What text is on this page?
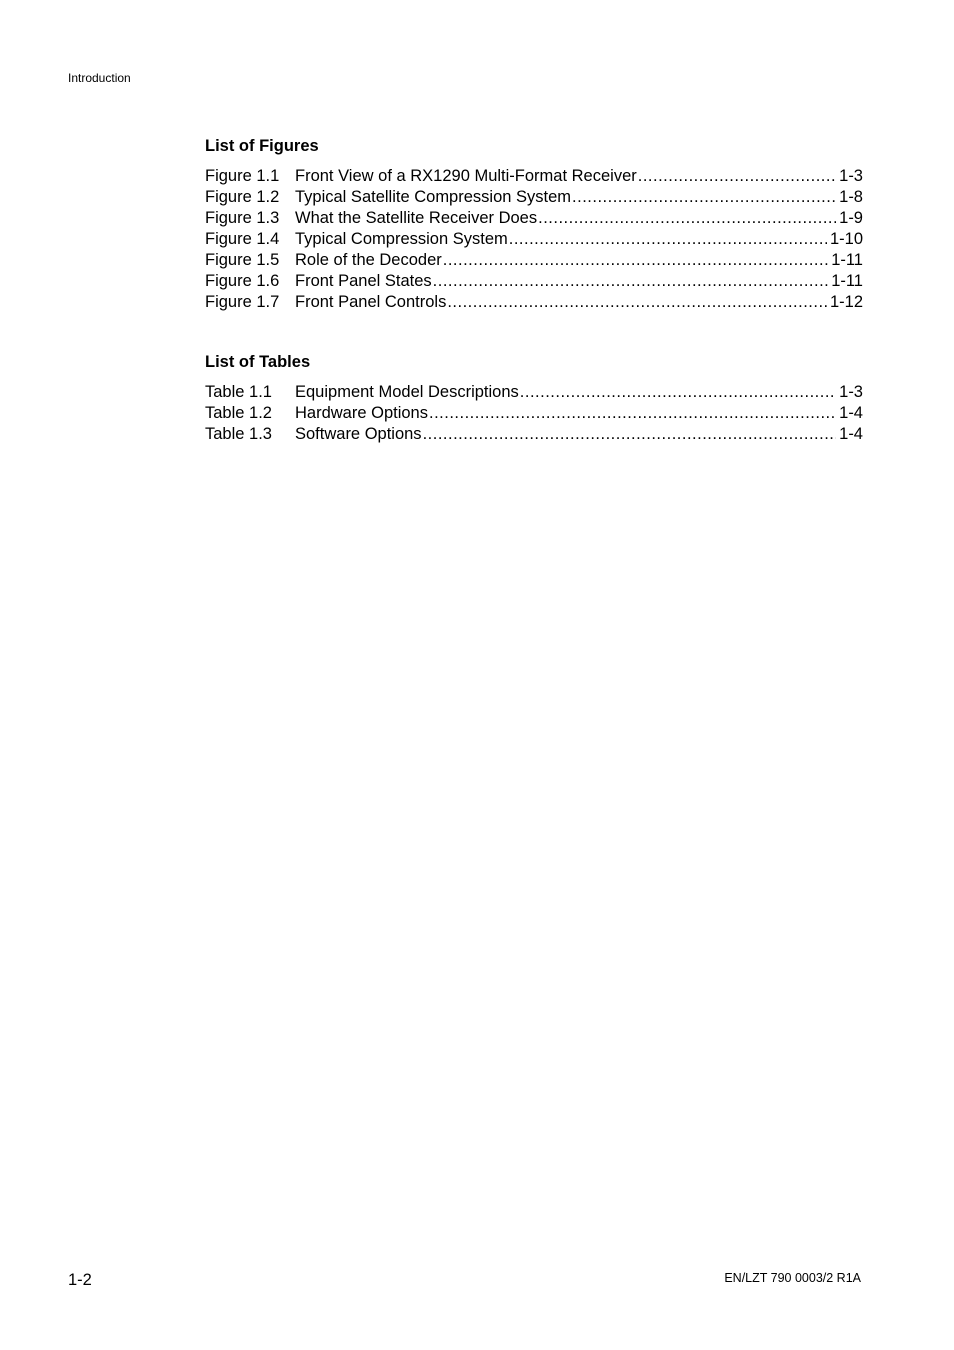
Introduction
List of Figures
Figure 1.1 Front View of a RX1290 Multi-Format Receiver .....	1-3
Figure 1.2 Typical Satellite Compression System .....	1-8
Figure 1.3 What the Satellite Receiver Does .....	1-9
Figure 1.4 Typical Compression System .....	1-10
Figure 1.5 Role of the Decoder .....	1-11
Figure 1.6 Front Panel States .....	1-11
Figure 1.7 Front Panel Controls .....	1-12
List of Tables
Table 1.1	Equipment Model Descriptions .....	1-3
Table 1.2	Hardware Options .....	1-4
Table 1.3	Software Options .....	1-4
1-2	EN/LZT 790 0003/2 R1A
